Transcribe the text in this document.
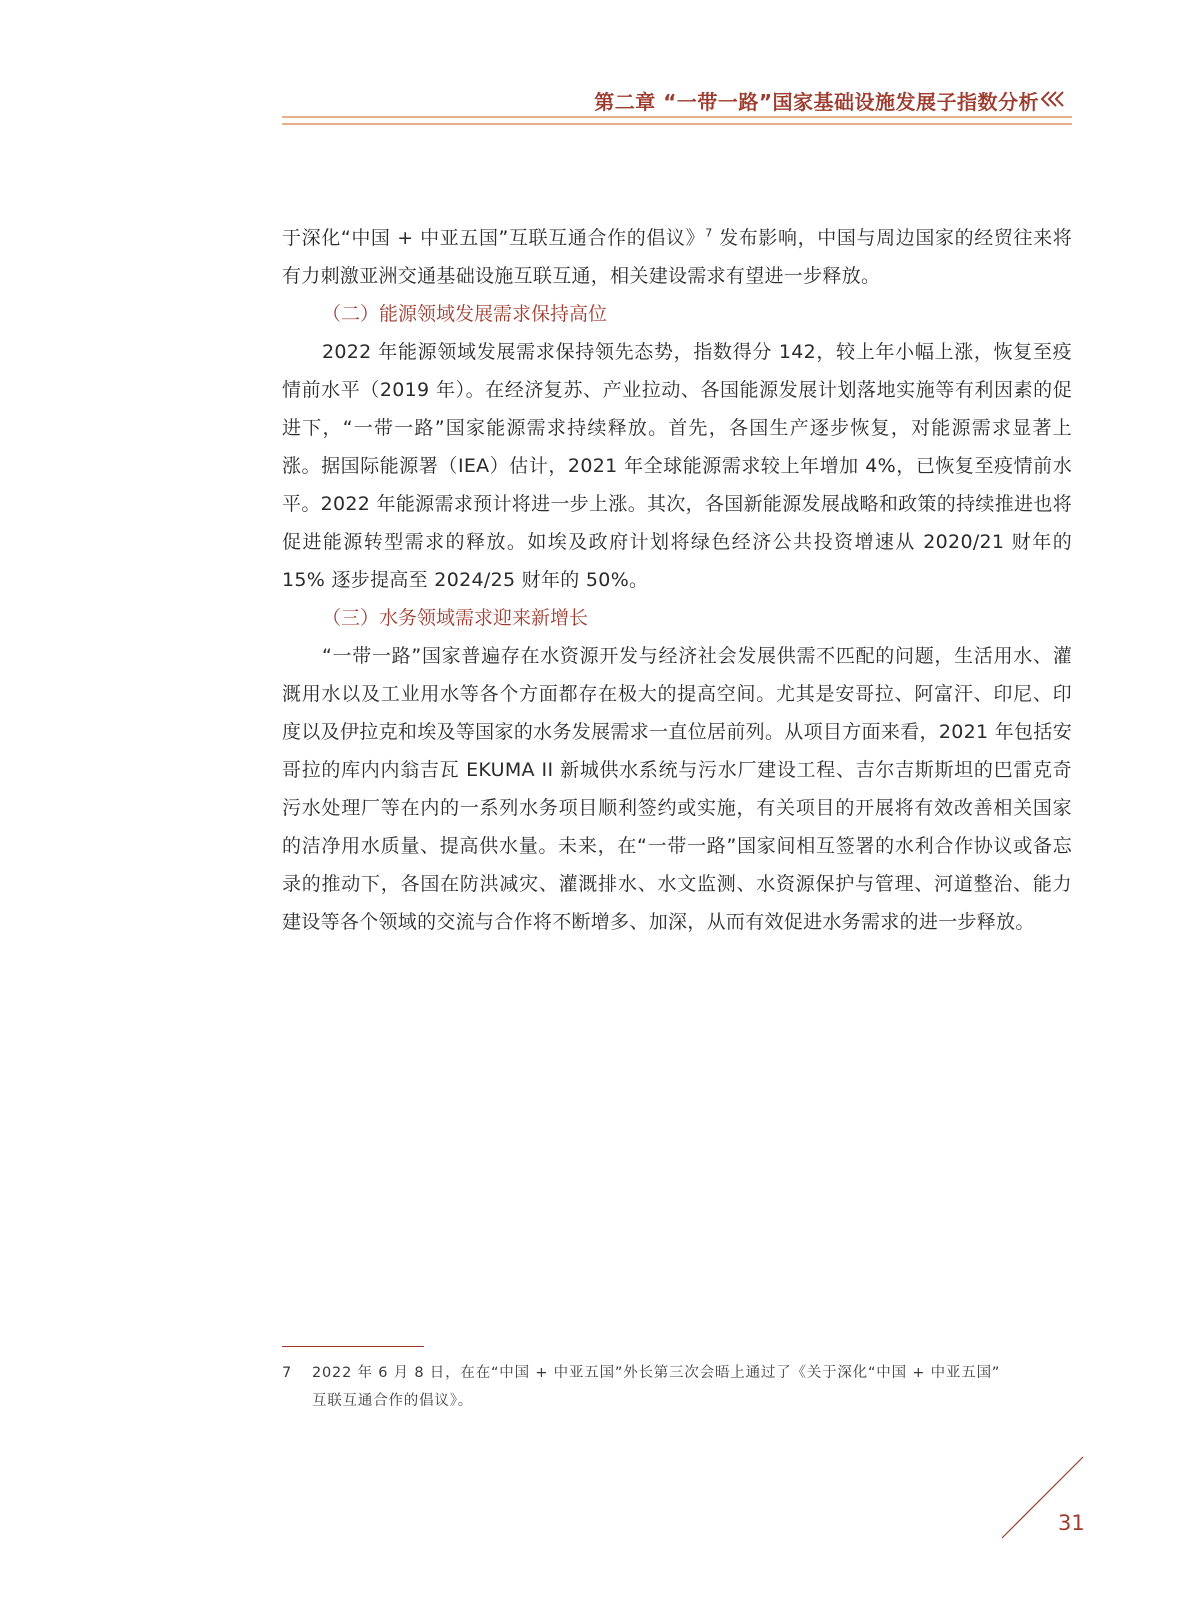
第二章 “一带一路”国家基础设施发展子指数分析

于深化“中国 + 中亚五国”互联互通合作的倡议》$^7$ 发布影响，中国与周边国家的经贸往来将有力刺激亚洲交通基础设施互联互通，相关建设需求有望进一步释放。

（二）能源领域发展需求保持高位

2022 年能源领域发展需求保持领先态势，指数得分 142，较上年小幅上涨，恢复至疫情前水平（2019 年）。在经济复苏、产业拉动、各国能源发展计划落地实施等有利因素的促进下，“一带一路”国家能源需求持续释放。首先，各国生产逐步恢复，对能源需求显著上涨。据国际能源署（IEA）估计，2021 年全球能源需求较上年增加 4%，已恢复至疫情前水平。2022 年能源需求预计将进一步上涨。其次，各国新能源发展战略和政策的持续推进也将促进能源转型需求的释放。如埃及政府计划将绿色经济公共投资增速从 2020/21 财年的 15% 逐步提高至 2024/25 财年的 50%。

（三）水务领域需求迎来新增长

“一带一路”国家普遍存在水资源开发与经济社会发展供需不匹配的问题，生活用水、灌溉用水以及工业用水等各个方面都存在极大的提高空间。尤其是安哥拉、阿富汗、印尼、印度以及伊拉克和埃及等国家的水务发展需求一直位居前列。从项目方面来看，2021 年包括安哥拉的库内内翁吉瓦 EKUMA II 新城供水系统与污水厂建设工程、吉尔吉斯斯坦的巴雷克奇污水处理厂等在内的一系列水务项目顺利签约或实施，有关项目的开展将有效改善相关国家的洁净用水质量、提高供水量。未来，在“一带一路”国家间相互签署的水利合作协议或备忘录的推动下，各国在防洪减灾、灌溉排水、水文监测、水资源保护与管理、河道整治、能力建设等各个领域的交流与合作将不断增多、加深，从而有效促进水务需求的进一步释放。

7 2022 年 6 月 8 日，在在“中国 + 中亚五国”外长第三次会晤上通过了《关于深化“中国 + 中亚五国”
互联互通合作的倡议》。
31
